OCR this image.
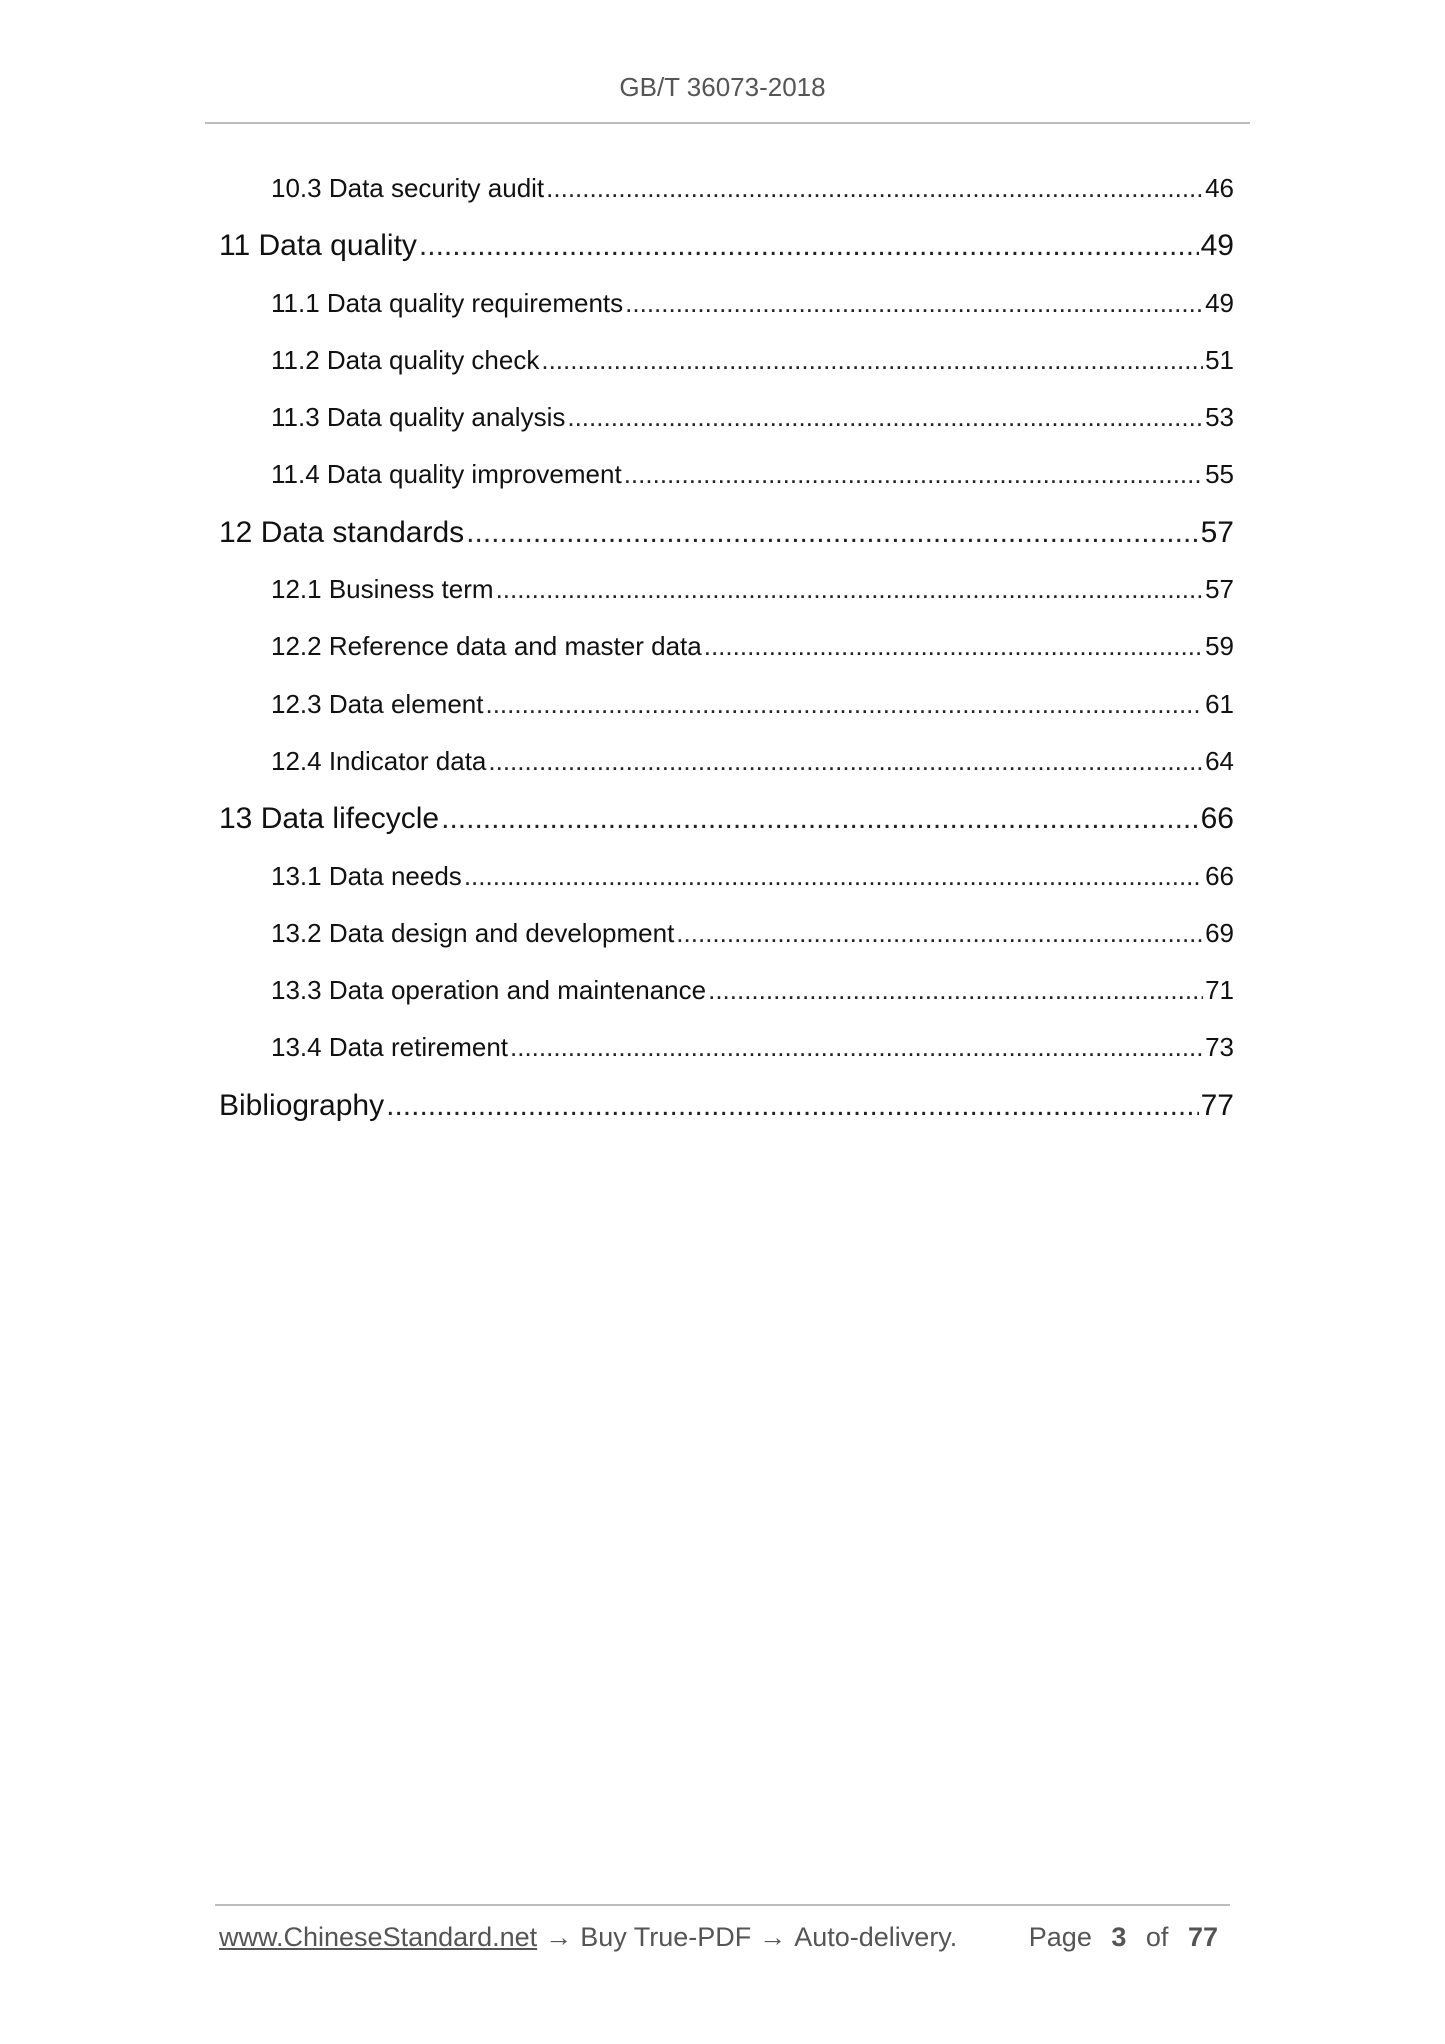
GB/T 36073-2018
10.3 Data security audit .....	46
11 Data quality .....	49
11.1 Data quality requirements .....	49
11.2 Data quality check .....	51
11.3 Data quality analysis .....	53
11.4 Data quality improvement .....	55
12 Data standards .....	57
12.1 Business term .....	57
12.2 Reference data and master data .....	59
12.3 Data element .....	61
12.4 Indicator data .....	64
13 Data lifecycle .....	66
13.1 Data needs .....	66
13.2 Data design and development .....	69
13.3 Data operation and maintenance .....	71
13.4 Data retirement .....	73
Bibliography .....	77
www.ChineseStandard.net → Buy True-PDF → Auto-delivery.	Page 3 of 77
